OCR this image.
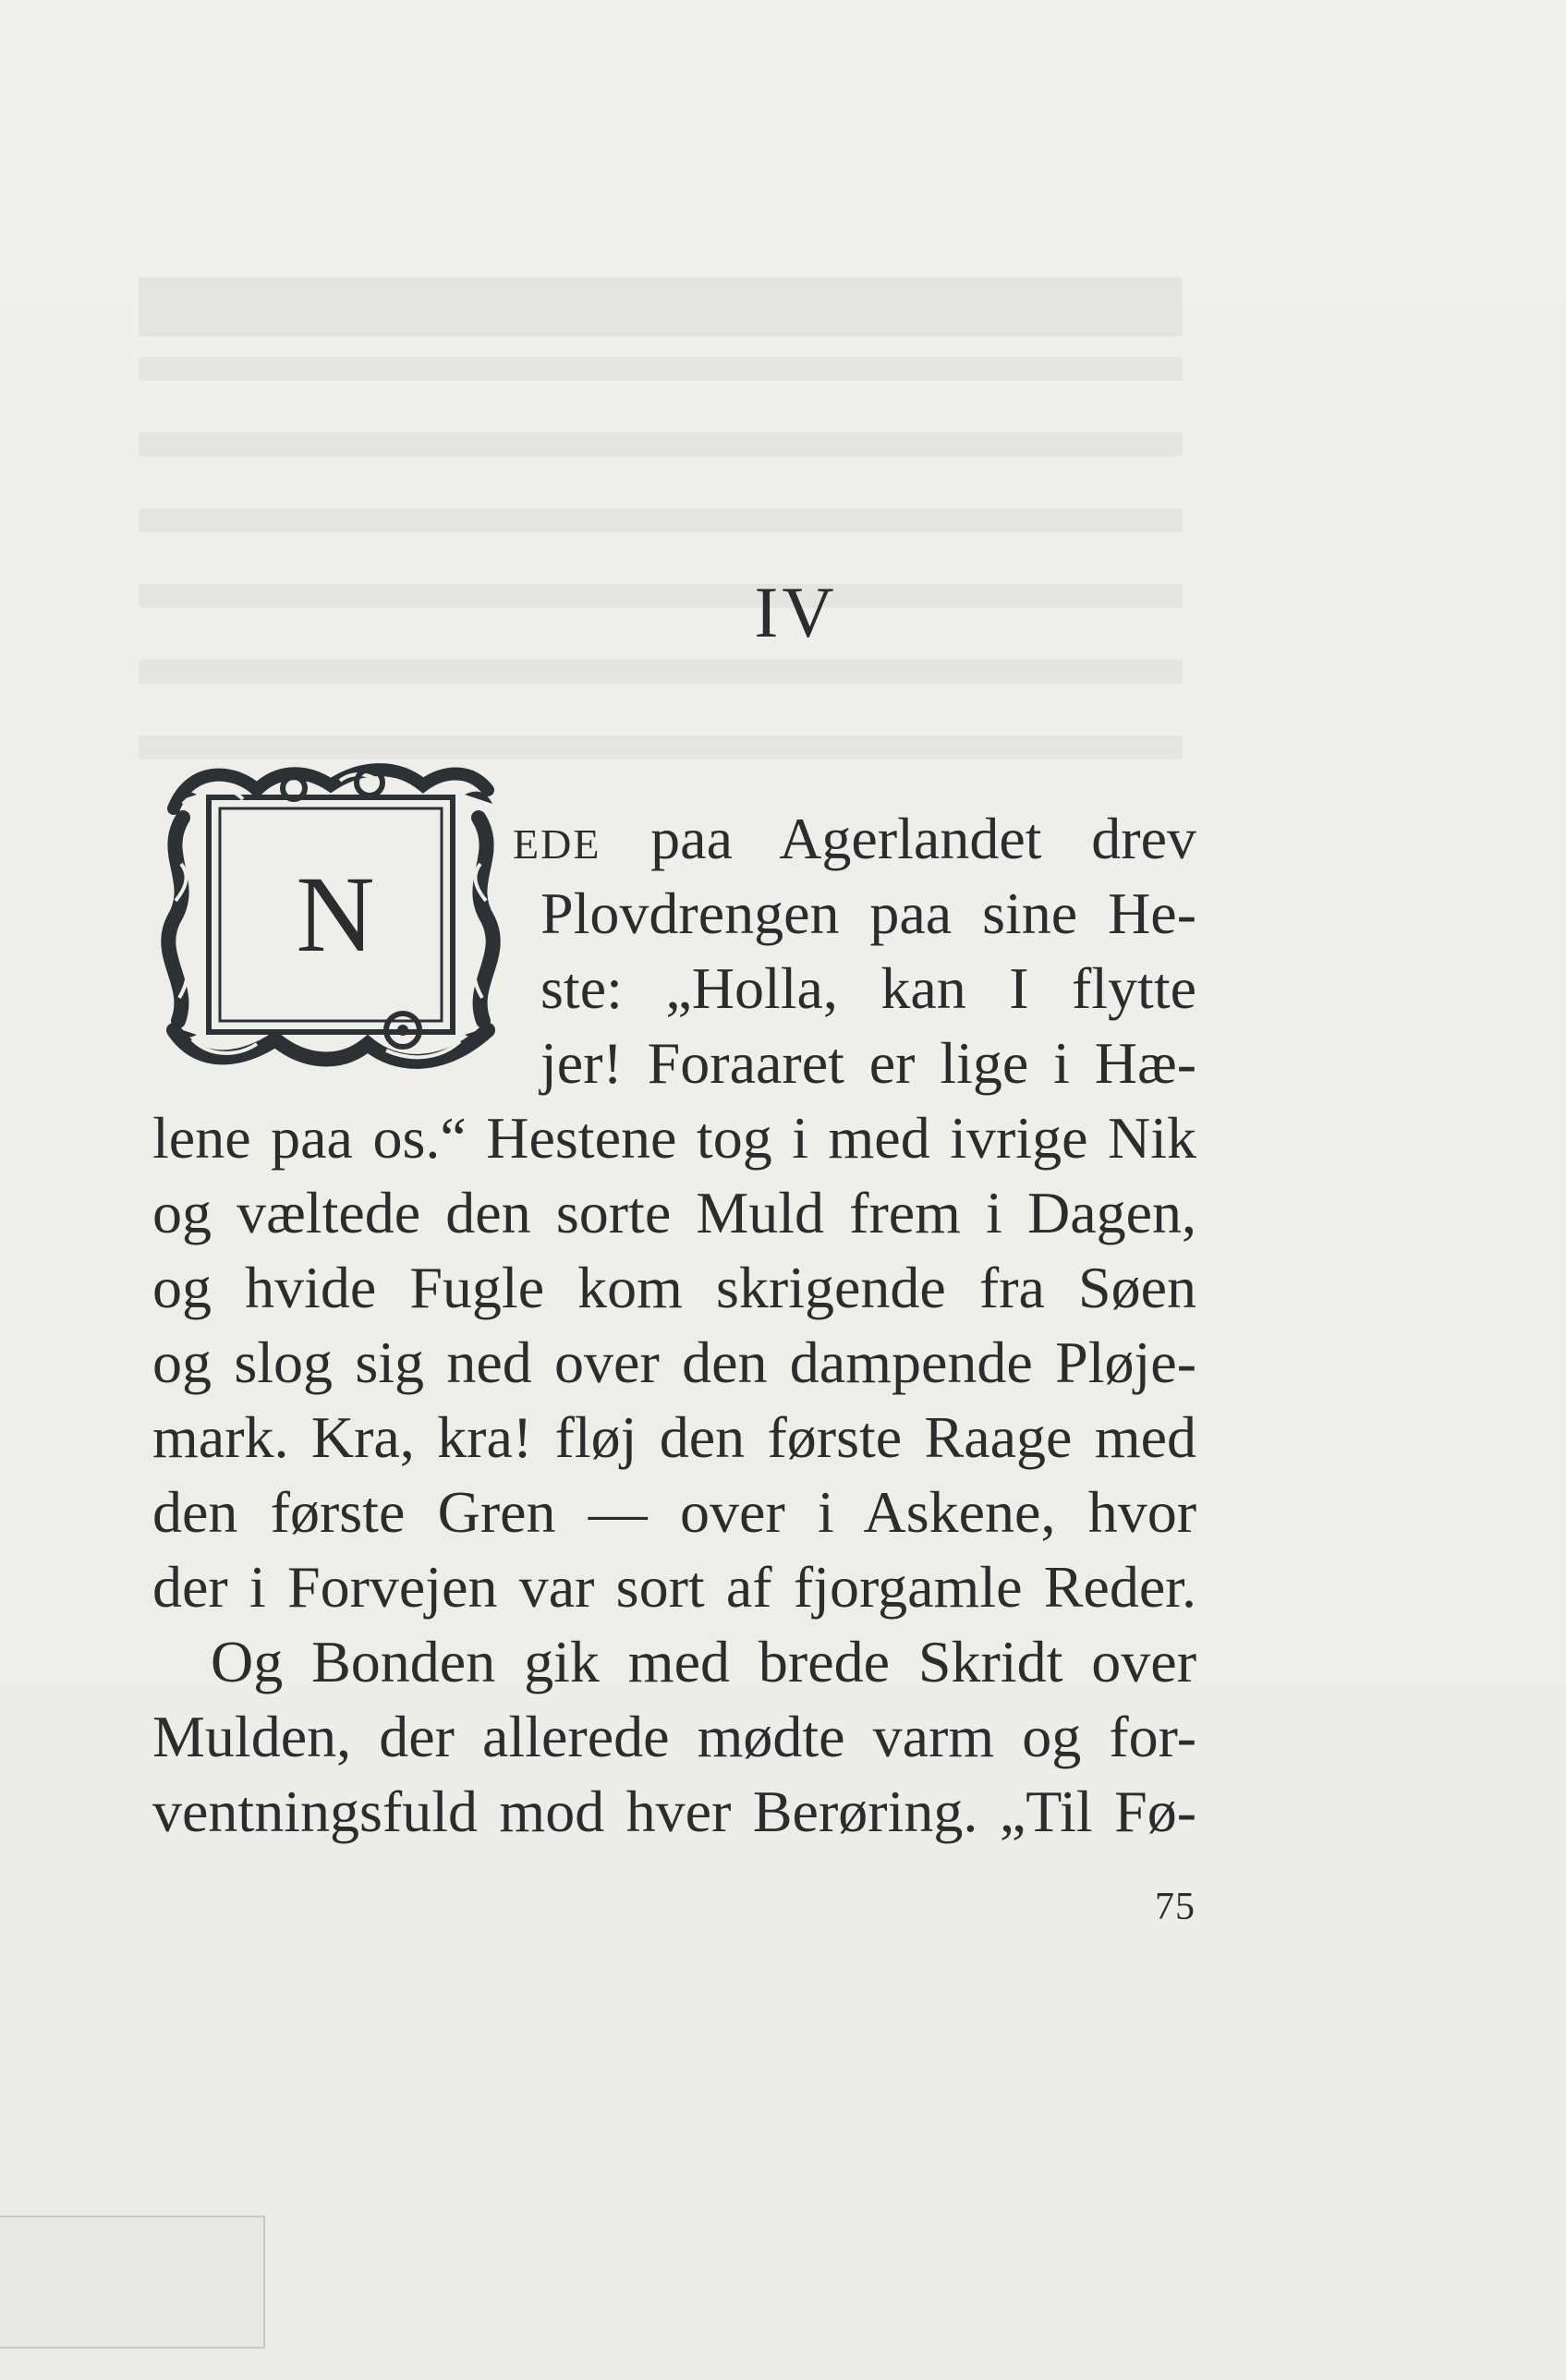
IV
N
EDE paa Agerlandet drev
Plovdrengen paa sine He-
ste: „Holla, kan I flytte
jer! Foraaret er lige i Hæ-
lene paa os.“ Hestene tog i med ivrige Nik
og væltede den sorte Muld frem i Dagen,
og hvide Fugle kom skrigende fra Søen
og slog sig ned over den dampende Pløje-
mark. Kra, kra! fløj den første Raage med
den første Gren — over i Askene, hvor
der i Forvejen var sort af fjorgamle Reder.
Og Bonden gik med brede Skridt over
Mulden, der allerede mødte varm og for-
ventningsfuld mod hver Berøring. „Til Fø-
75
